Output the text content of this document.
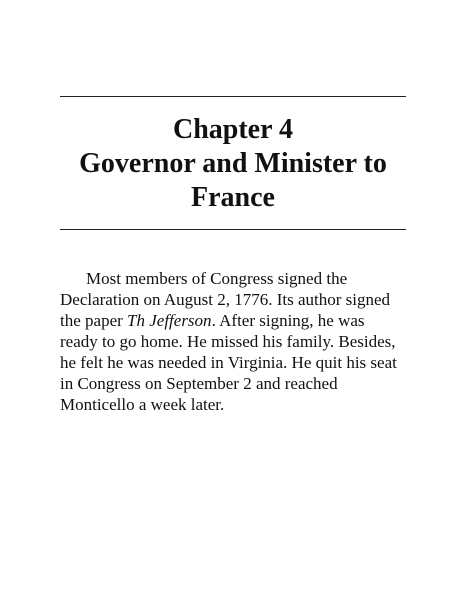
Chapter 4
Governor and Minister to
France

Most members of Congress signed the
Declaration on August 2, 1776. Its author signed
the paper Th Jefferson. After signing, he was
ready to go home. He missed his family. Besides,
he felt he was needed in Virginia. He quit his seat
in Congress on September 2 and reached
Monticello a week later.
